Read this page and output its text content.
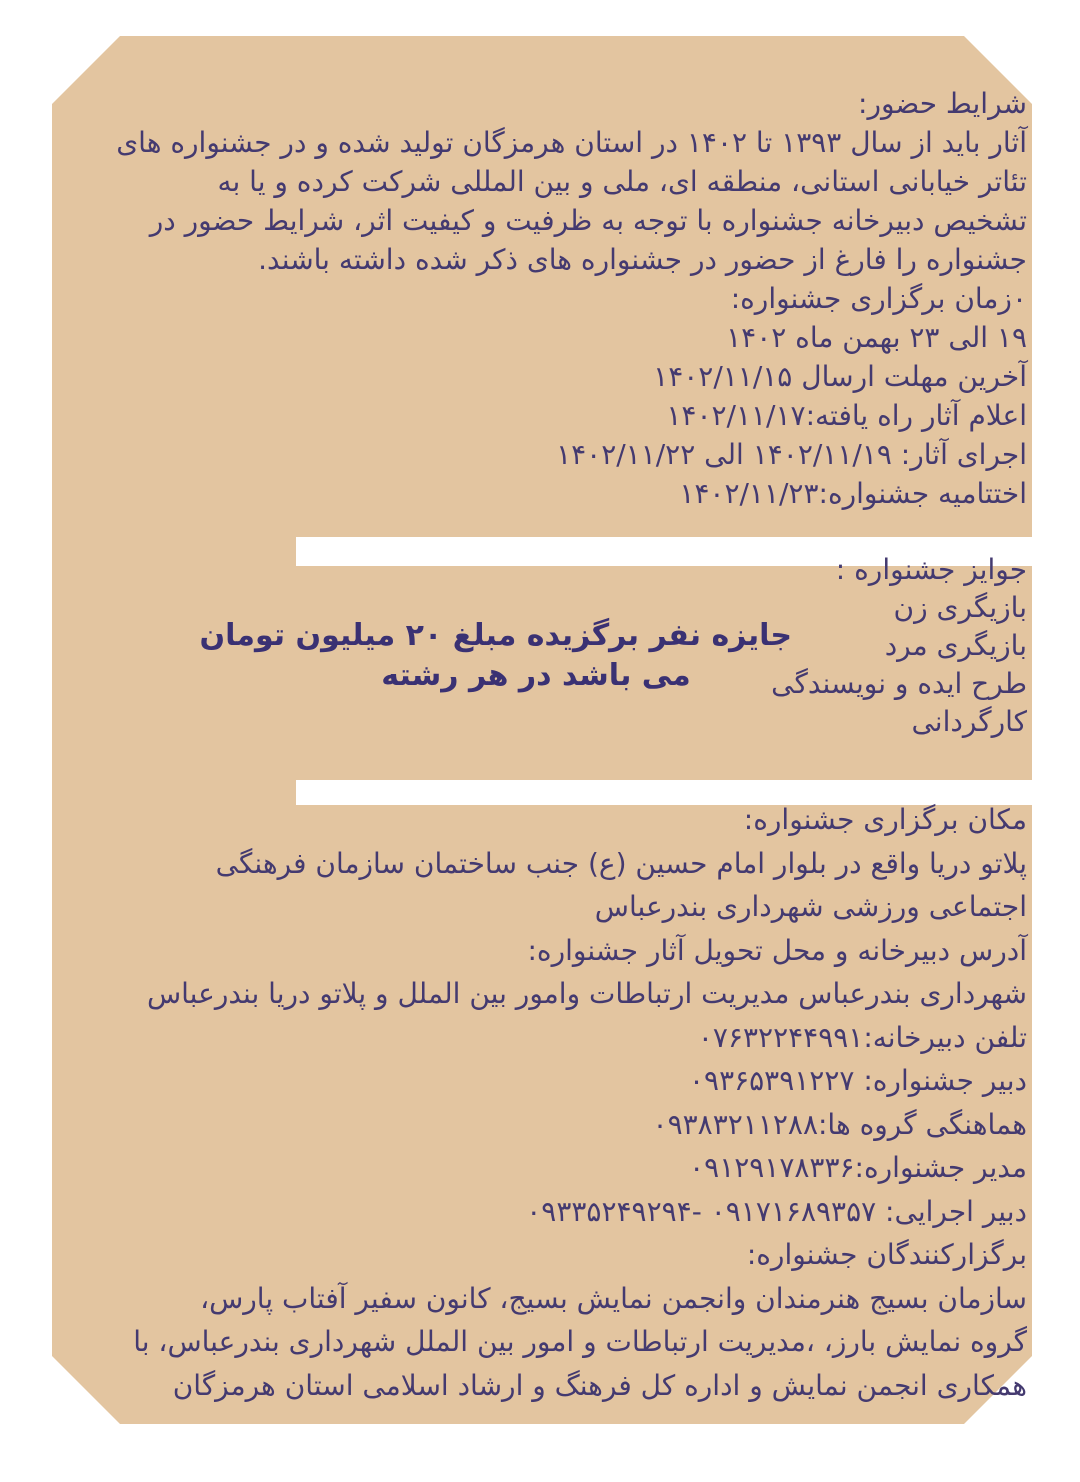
شرایط حضور:
آثار باید از سال ۱۳۹۳ تا ۱۴۰۲ در استان هرمزگان تولید شده و در جشنواره های
تئاتر خیابانی استانی، منطقه ای، ملی و بین المللی شرکت کرده و یا به
تشخیص دبیرخانه جشنواره با توجه به ظرفیت و کیفیت اثر، شرایط حضور در
جشنواره را فارغ از حضور در جشنواره های ذکر شده داشته باشند.
۰زمان برگزاری جشنواره:
۱۹ الی ۲۳ بهمن ماه ۱۴۰۲
آخرین مهلت ارسال ۱۴۰۲/۱۱/۱۵
اعلام آثار راه یافته:۱۴۰۲/۱۱/۱۷
اجرای آثار: ۱۴۰۲/۱۱/۱۹ الی ۱۴۰۲/۱۱/۲۲
اختتامیه جشنواره:۱۴۰۲/۱۱/۲۳
جوایز جشنواره :
بازیگری زن
بازیگری مرد
طرح ایده و نویسندگی
کارگردانی
جایزه نفر برگزیده مبلغ ۲۰ میلیون تومان
می باشد در هر رشته
مکان برگزاری جشنواره:
پلاتو دریا واقع در بلوار امام حسین (ع) جنب ساختمان سازمان فرهنگی
اجتماعی ورزشی شهرداری بندرعباس
آدرس دبیرخانه و محل تحویل آثار جشنواره:
شهرداری بندرعباس مدیریت ارتباطات وامور بین الملل و پلاتو دریا بندرعباس
تلفن دبیرخانه:۰۷۶۳۲۲۴۴۹۹۱
دبیر جشنواره: ۰۹۳۶۵۳۹۱۲۲۷
هماهنگی گروه ها:۰۹۳۸۳۲۱۱۲۸۸
مدیر جشنواره:۰۹۱۲۹۱۷۸۳۳۶
دبیر اجرایی: ۰۹۱۷۱۶۸۹۳۵۷ -۰۹۳۳۵۲۴۹۲۹۴
برگزارکنندگان جشنواره:
سازمان بسیج هنرمندان وانجمن نمایش بسیج، کانون سفیر آفتاب پارس،
گروه نمایش بارز، ،مدیریت ارتباطات و امور بین الملل شهرداری بندرعباس، با
همکاری انجمن نمایش و اداره کل فرهنگ و ارشاد اسلامی استان هرمزگان
